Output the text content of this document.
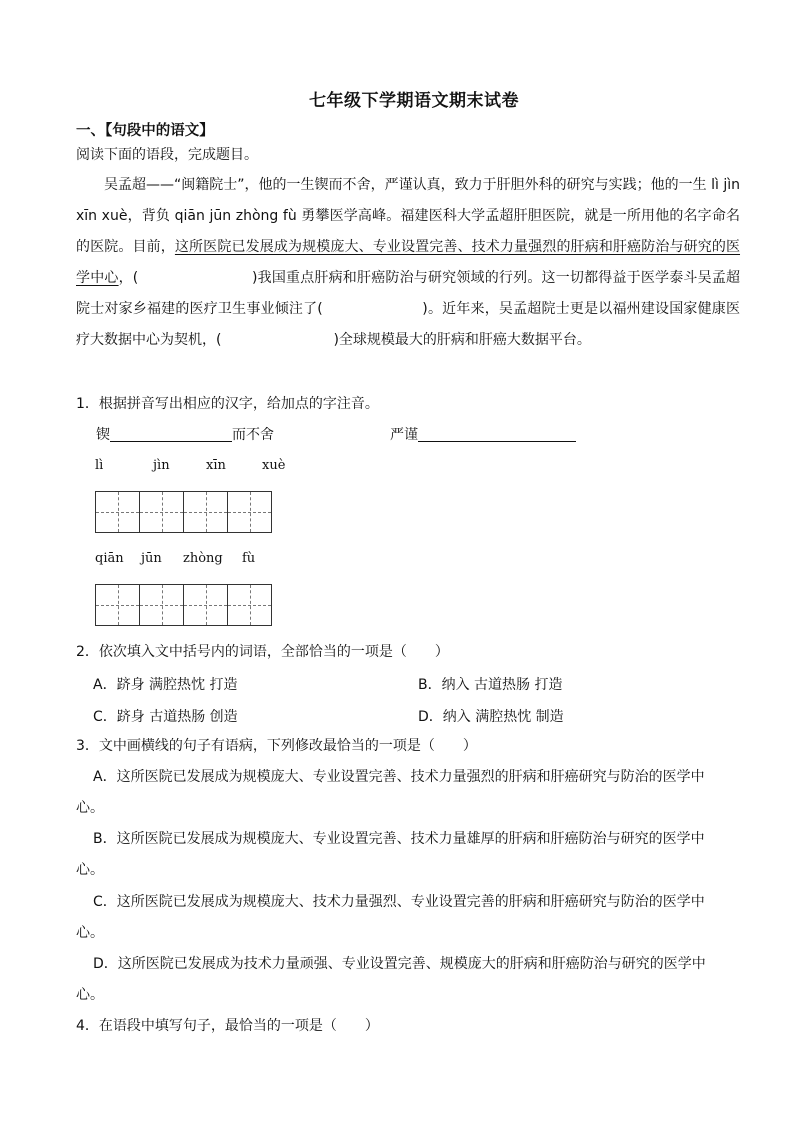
七年级下学期语文期末试卷
一、【句段中的语文】
阅读下面的语段，完成题目。

吴孟超——“闽籍院士”，他的一生锲而不舍，严谨认真，致力于肝胆外科的研究与实践；他的一生 lì jìn xīn xuè，背负 qiān jūn zhòng fù 勇攀医学高峰。福建医科大学孟超肝胆医院，就是一所用他的名字命名的医院。目前，这所医院已发展成为规模庞大、专业设置完善、技术力量强烈的肝病和肝癌防治与研究的医学中心，(　　　　　　　　	)我国重点肝病和肝癌防治与研究领域的行列。这一切都得益于医学泰斗吴孟超院士对家乡福建的医疗卫生事业倾注了(　　　　　　　	)。近年来，吴孟超院士更是以福州建设国家健康医疗大数据中心为契机，(　　　　　　　　	)全球规模最大的肝病和肝癌大数据平台。

1．根据拼音写出相应的汉字，给加点的字注音。
锲	而不舍	严谨
lì	jìn	xīn	xuè
qiān jūn zhòng fù
2．依次填入文中括号内的词语，全部恰当的一项是（　　）
A．跻身 满腔热忱 打造	B．纳入 古道热肠 打造
C．跻身 古道热肠 创造	D．纳入 满腔热忱 制造
3．文中画横线的句子有语病，下列修改最恰当的一项是（　　）
A．这所医院已发展成为规模庞大、专业设置完善、技术力量强烈的肝病和肝癌研究与防治的医学中
心。
B．这所医院已发展成为规模庞大、专业设置完善、技术力量雄厚的肝病和肝癌防治与研究的医学中
心。
C．这所医院已发展成为规模庞大、技术力量强烈、专业设置完善的肝病和肝癌研究与防治的医学中
心。
D．这所医院已发展成为技术力量顽强、专业设置完善、规模庞大的肝病和肝癌防治与研究的医学中
心。
4．在语段中填写句子，最恰当的一项是（　　）
